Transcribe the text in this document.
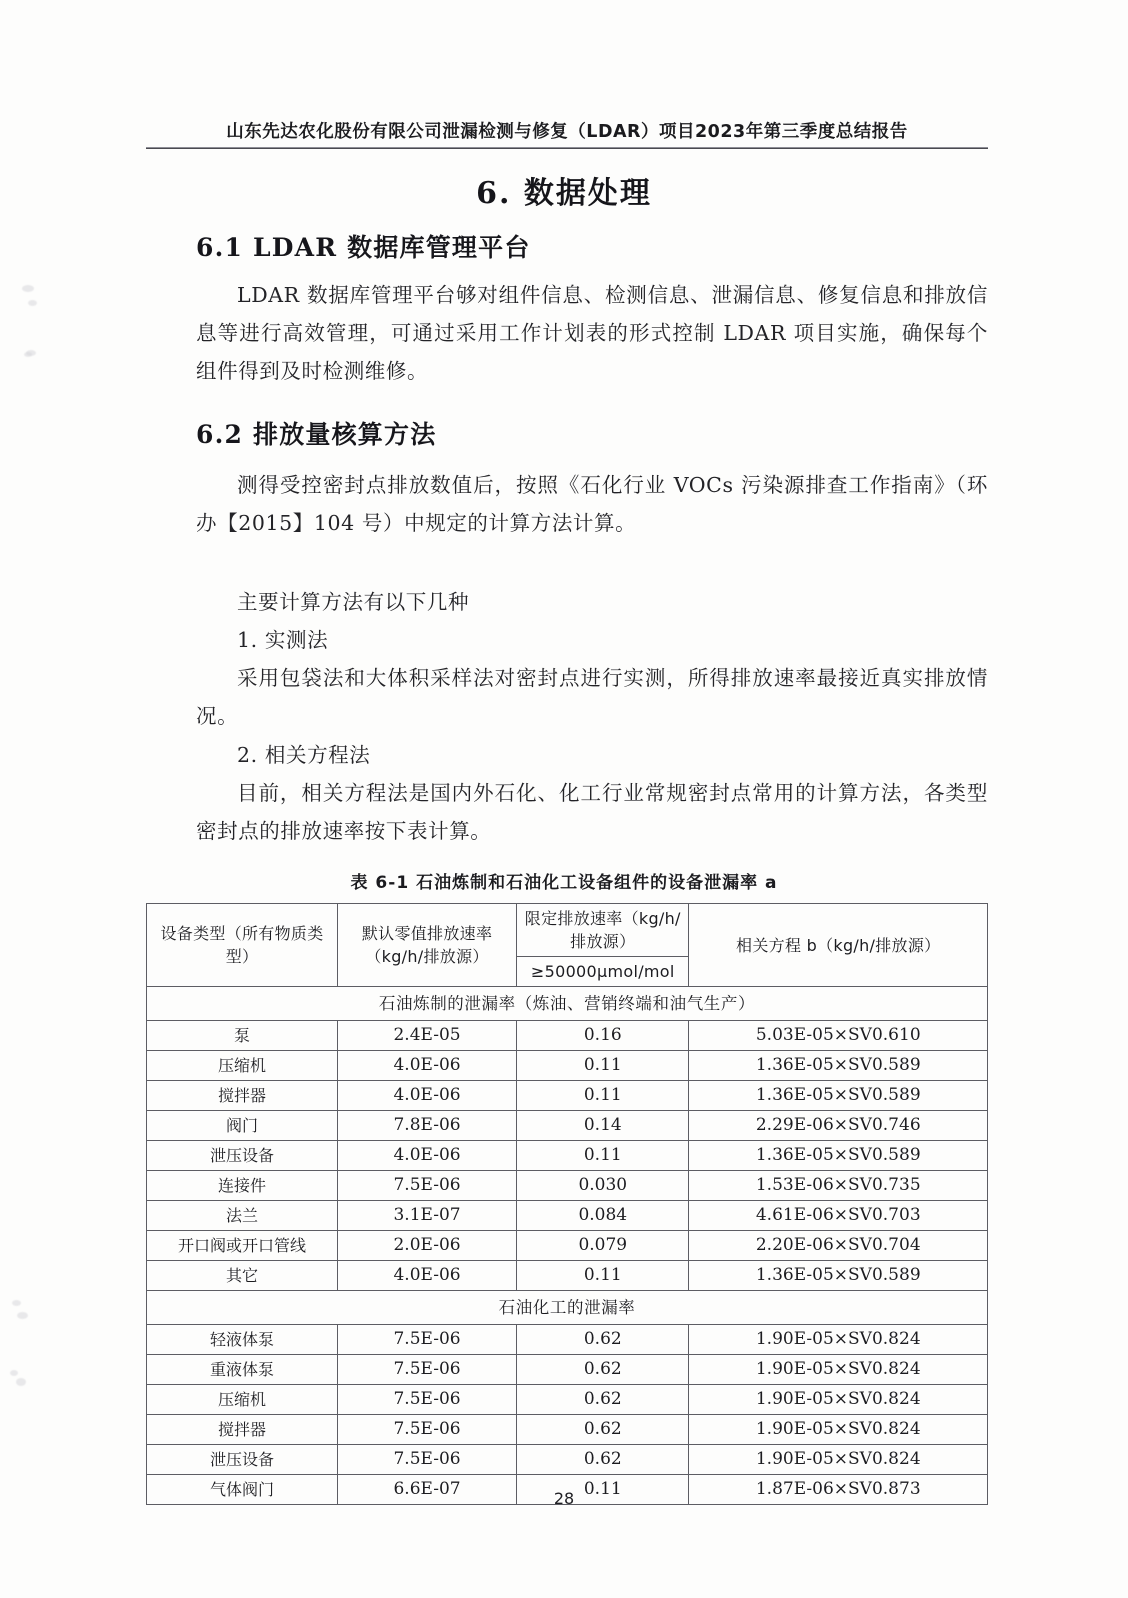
山东先达农化股份有限公司泄漏检测与修复（LDAR）项目2023年第三季度总结报告
6. 数据处理
6.1 LDAR 数据库管理平台
LDAR 数据库管理平台够对组件信息、检测信息、泄漏信息、修复信息和排放信息等进行高效管理，可通过采用工作计划表的形式控制 LDAR 项目实施，确保每个组件得到及时检测维修。
6.2 排放量核算方法
测得受控密封点排放数值后，按照《石化行业 VOCs 污染源排查工作指南》（环办【2015】104 号）中规定的计算方法计算。
主要计算方法有以下几种
1. 实测法
采用包袋法和大体积采样法对密封点进行实测，所得排放速率最接近真实排放情况。
2. 相关方程法
目前，相关方程法是国内外石化、化工行业常规密封点常用的计算方法，各类型密封点的排放速率按下表计算。
表 6-1 石油炼制和石油化工设备组件的设备泄漏率 a
设备类型（所有物质类型）	默认零值排放速率（kg/h/排放源）	限定排放速率（kg/h/排放源）	相关方程 b（kg/h/排放源）
		≥50000μmol/mol	
石油炼制的泄漏率（炼油、营销终端和油气生产）			
泵	2.4E-05	0.16	5.03E-05×SV0.610
压缩机	4.0E-06	0.11	1.36E-05×SV0.589
搅拌器	4.0E-06	0.11	1.36E-05×SV0.589
阀门	7.8E-06	0.14	2.29E-06×SV0.746
泄压设备	4.0E-06	0.11	1.36E-05×SV0.589
连接件	7.5E-06	0.030	1.53E-06×SV0.735
法兰	3.1E-07	0.084	4.61E-06×SV0.703
开口阀或开口管线	2.0E-06	0.079	2.20E-06×SV0.704
其它	4.0E-06	0.11	1.36E-05×SV0.589
石油化工的泄漏率			
轻液体泵	7.5E-06	0.62	1.90E-05×SV0.824
重液体泵	7.5E-06	0.62	1.90E-05×SV0.824
压缩机	7.5E-06	0.62	1.90E-05×SV0.824
搅拌器	7.5E-06	0.62	1.90E-05×SV0.824
泄压设备	7.5E-06	0.62	1.90E-05×SV0.824
气体阀门	6.6E-07	0.11	1.87E-06×SV0.873
28
